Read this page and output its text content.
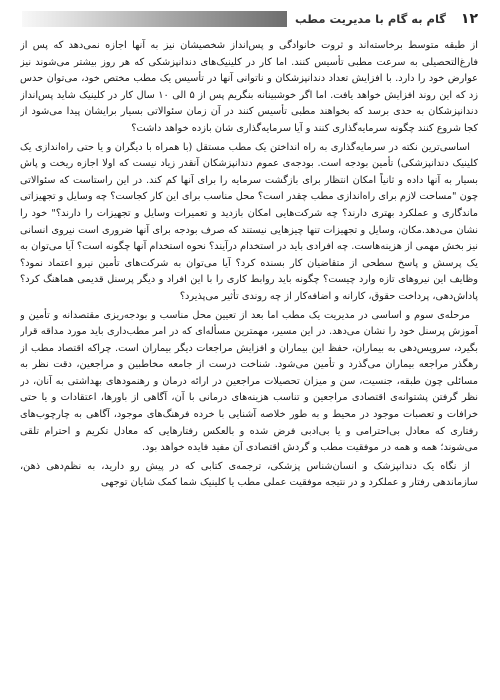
۱۲
گام به گام با مدیریت مطب

از طبقه متوسط برخاسته‌اند و ثروت خانوادگی و پس‌انداز شخصیشان نیز به آنها اجازه نمی‌دهد که پس از فارغ‌التحصیلی به سرعت مطبی تأسیس کنند. اما کار در کلینیک‌های دندانپزشکی که هر روز بیشتر می‌شوند نیز عوارض خود را دارد. با افزایش تعداد دندانپزشکان و ناتوانی آنها در تأسیس یک مطب مختص خود، می‌توان حدس زد که این روند افزایش خواهد یافت. اما اگر خوشبینانه بنگریم پس از ۵ الی ۱۰ سال کار در کلینیک شاید پس‌انداز دندانپزشکان به حدی برسد که بخواهند مطبی تأسیس کنند در آن زمان سئوالاتی بسیار برایشان پیدا می‌شود از کجا شروع کنند چگونه سرمایه‌گذاری کنند و آیا سرمایه‌گذاری شان بازده خواهد داشت؟

اساسی‌ترین نکته در سرمایه‌گذاری به راه انداختن یک مطب مستقل (با همراه با دیگران و یا حتی راه‌اندازی یک کلینیک دندانپزشکی) تأمین بودجه است. بودجه‌ی عموم دندانپزشکان آنقدر زیاد نیست که اولا اجازه ریخت و پاش بسیار به آنها داده و ثانیاً امکان انتظار برای بازگشت سرمایه را برای آنها کم کند. در این راستاست که سئوالاتی چون "مساحت لازم برای راه‌اندازی مطب چقدر است؟ محل مناسب برای این کار کجاست؟ چه وسایل و تجهیزاتی ماندگاری و عملکرد بهتری دارند؟ چه شرکت‌هایی امکان بازدید و تعمیرات وسایل و تجهیزات را دارند؟" خود را نشان می‌دهد.مکان، وسایل و تجهیزات تنها چیزهایی نیستند که صرف بودجه برای آنها ضروری است نیروی انسانی نیز بخش مهمی از هزینه‌هاست. چه افرادی باید در استخدام درآیند؟ نحوه استخدام آنها چگونه است؟ آیا می‌توان به یک پرسش و پاسخ سطحی از متقاضیان کار بسنده کرد؟ آیا می‌توان به شرکت‌های تأمین نیرو اعتماد نمود؟ وظایف این نیروهای تازه وارد چیست؟ چگونه باید روابط کاری را با این افراد و دیگر پرسنل قدیمی هماهنگ کرد؟ پاداش‌دهی، پرداخت حقوق، کارانه و اضافه‌کار از چه روندی تأثیر می‌پذیرد؟

مرحله‌ی سوم و اساسی در مدیریت یک مطب اما بعد از تعیین محل مناسب و بودجه‌ریزی مقتصدانه و تأمین و آموزش پرسنل خود را نشان می‌دهد. در این مسیر، مهمترین مسأله‌ای که در امر مطب‌داری باید مورد مداقه قرار بگیرد، سرویس‌دهی به بیماران، حفظ این بیماران و افزایش مراجعات دیگر بیماران است. چراکه اقتصاد مطب از رهگذر مراجعه بیماران می‌گذرد و تأمین می‌شود. شناخت درست از جامعه مخاطبین و مراجعین، دقت نظر به مسائلی چون طبقه، جنسیت، سن و میزان تحصیلات مراجعین در ارائه درمان و رهنمودهای بهداشتی به آنان، در نظر گرفتن پشتوانه‌ی اقتصادی مراجعین و تناسب هزینه‌های درمانی با آن، آگاهی از باورها، اعتقادات و یا حتی خرافات و تعصبات موجود در محیط و به طور خلاصه آشنایی با خرده فرهنگ‌های موجود، آگاهی به چارچوب‌های رفتاری که معادل بی‌احترامی و یا بی‌ادبی فرض شده و بالعکس رفتارهایی که معادل تکریم و احترام تلقی می‌شوند؛ همه و همه در موفقیت مطب و گردش اقتصادی آن مفید فایده خواهد بود.

از نگاه یک دندانپزشک و انسان‌شناس پزشکی، ترجمه‌ی کتابی که در پیش رو دارید، به نظم‌دهی ذهن، سازماندهی رفتار و عملکرد و در نتیجه موفقیت عملی مطب یا کلینیک شما کمک شایان توجهی
